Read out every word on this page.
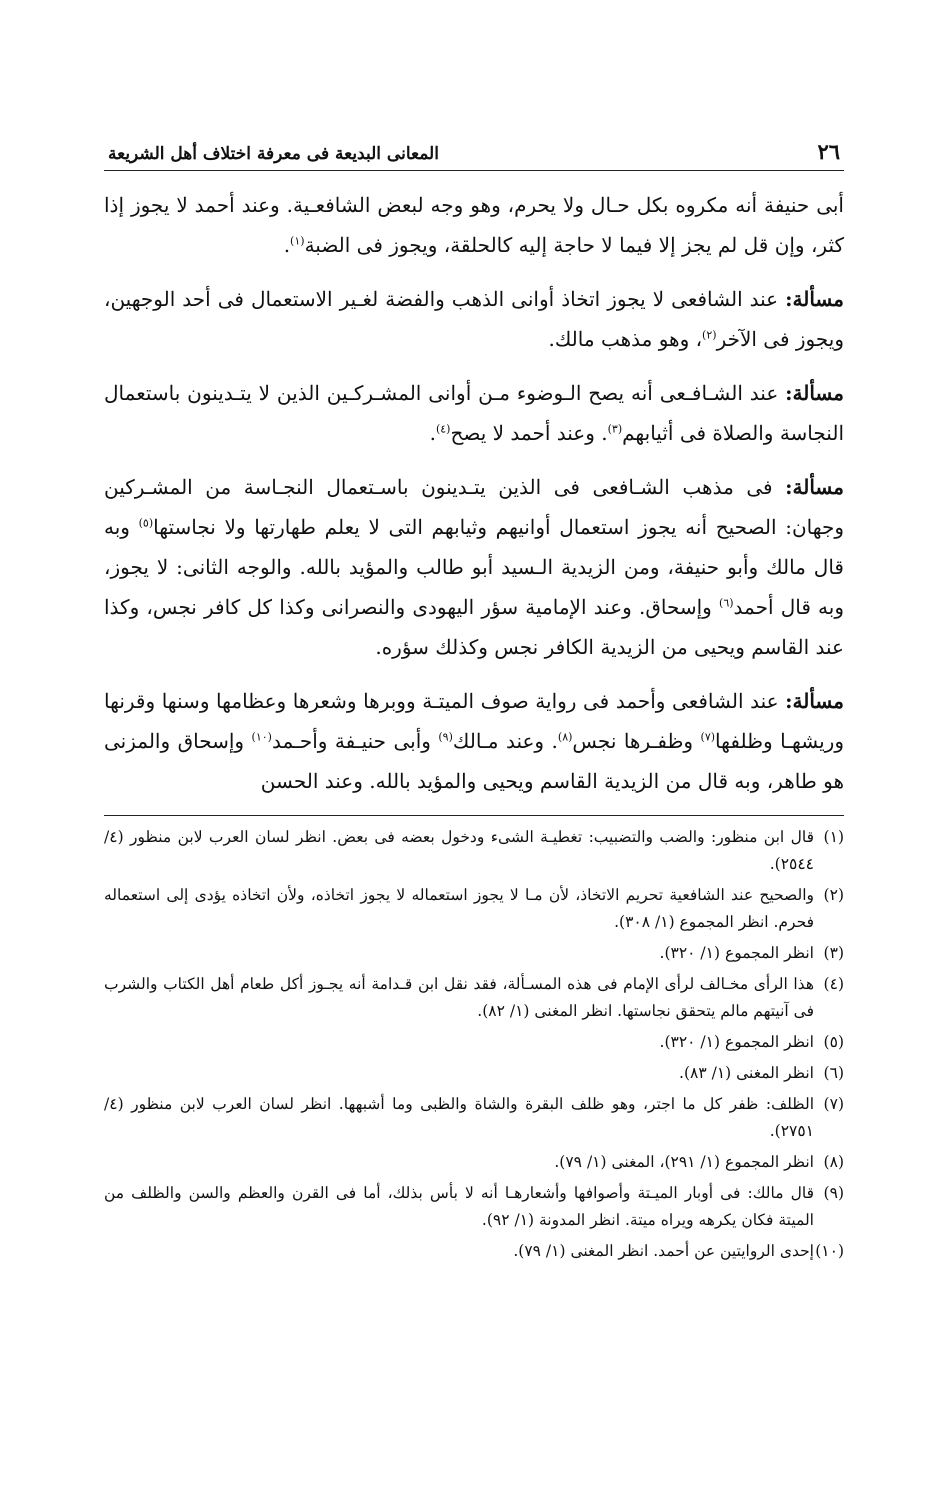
٢٦
المعانى البديعة فى معرفة اختلاف أهل الشريعة

أبى حنيفة أنه مكروه بكل حـال ولا يحرم، وهو وجه لبعض الشافعـية. وعند أحمد لا يجوز إذا كثر، وإن قل لم يجز إلا فيما لا حاجة إليه كالحلقة، ويجوز فى الضبة$^{(١)}$.

مسألة: عند الشافعى لا يجوز اتخاذ أوانى الذهب والفضة لغـير الاستعمال فى أحد الوجهين، ويجوز فى الآخر$^{(٢)}$، وهو مذهب مالك.

مسألة: عند الشـافـعى أنه يصح الـوضوء مـن أوانى المشـركـين الذين لا يتـدينون باستعمال النجاسة والصلاة فى أثيابهم$^{(٣)}$. وعند أحمد لا يصح$^{(٤)}$.

مسألة: فى مذهب الشـافعى فى الذين يتـدينون باسـتعمال النجـاسة من المشـركين وجهان: الصحيح أنه يجوز استعمال أوانيهم وثيابهم التى لا يعلم طهارتها ولا نجاستها$^{(٥)}$ وبه قال مالك وأبو حنيفة، ومن الزيدية الـسيد أبو طالب والمؤيد بالله. والوجه الثانى: لا يجوز، وبه قال أحمد$^{(٦)}$ وإسحاق. وعند الإمامية سؤر اليهودى والنصرانى وكذا كل كافر نجس، وكذا عند القاسم ويحيى من الزيدية الكافر نجس وكذلك سؤره.

مسألة: عند الشافعى وأحمد فى رواية صوف الميتـة ووبرها وشعرها وعظامها وسنها وقرنها وريشهـا وظلفها$^{(٧)}$ وظفـرها نجس$^{(٨)}$. وعند مـالك$^{(٩)}$ وأبى حنيـفة وأحـمد$^{(١٠)}$ وإسحاق والمزنى هو طاهر، وبه قال من الزيدية القاسم ويحيى والمؤيد بالله. وعند الحسن

(١)قال ابن منظور: والضب والتضبيب: تغطيـة الشىء ودخول بعضه فى بعض. انظر لسان العرب لابن منظور (٤/ ٢٥٤٤).

(٢)والصحيح عند الشافعية تحريم الاتخاذ، لأن مـا لا يجوز استعماله لا يجوز اتخاذه، ولأن اتخاذه يؤدى إلى استعماله فحرم. انظر المجموع (١/ ٣٠٨).

(٣)انظر المجموع (١/ ٣٢٠).

(٤)هذا الرأى مخـالف لرأى الإمام فى هذه المسـألة، فقد نقل ابن قـدامة أنه يجـوز أكل طعام أهل الكتاب والشرب فى آنيتهم مالم يتحقق نجاستها. انظر المغنى (١/ ٨٢).

(٥)انظر المجموع (١/ ٣٢٠).

(٦)انظر المغنى (١/ ٨٣).

(٧)الظلف: ظفر كل ما اجتر، وهو ظلف البقرة والشاة والظبى وما أشبهها. انظر لسان العرب لابن منظور (٤/ ٢٧٥١).

(٨)انظر المجموع (١/ ٢٩١)، المغنى (١/ ٧٩).

(٩)قال مالك: فى أوبار الميـتة وأصوافها وأشعارهـا أنه لا بأس بذلك، أما فى القرن والعظم والسن والظلف من الميتة فكان يكرهه ويراه ميتة. انظر المدونة (١/ ٩٢).

(١٠)إحدى الروايتين عن أحمد. انظر المغنى (١/ ٧٩).
